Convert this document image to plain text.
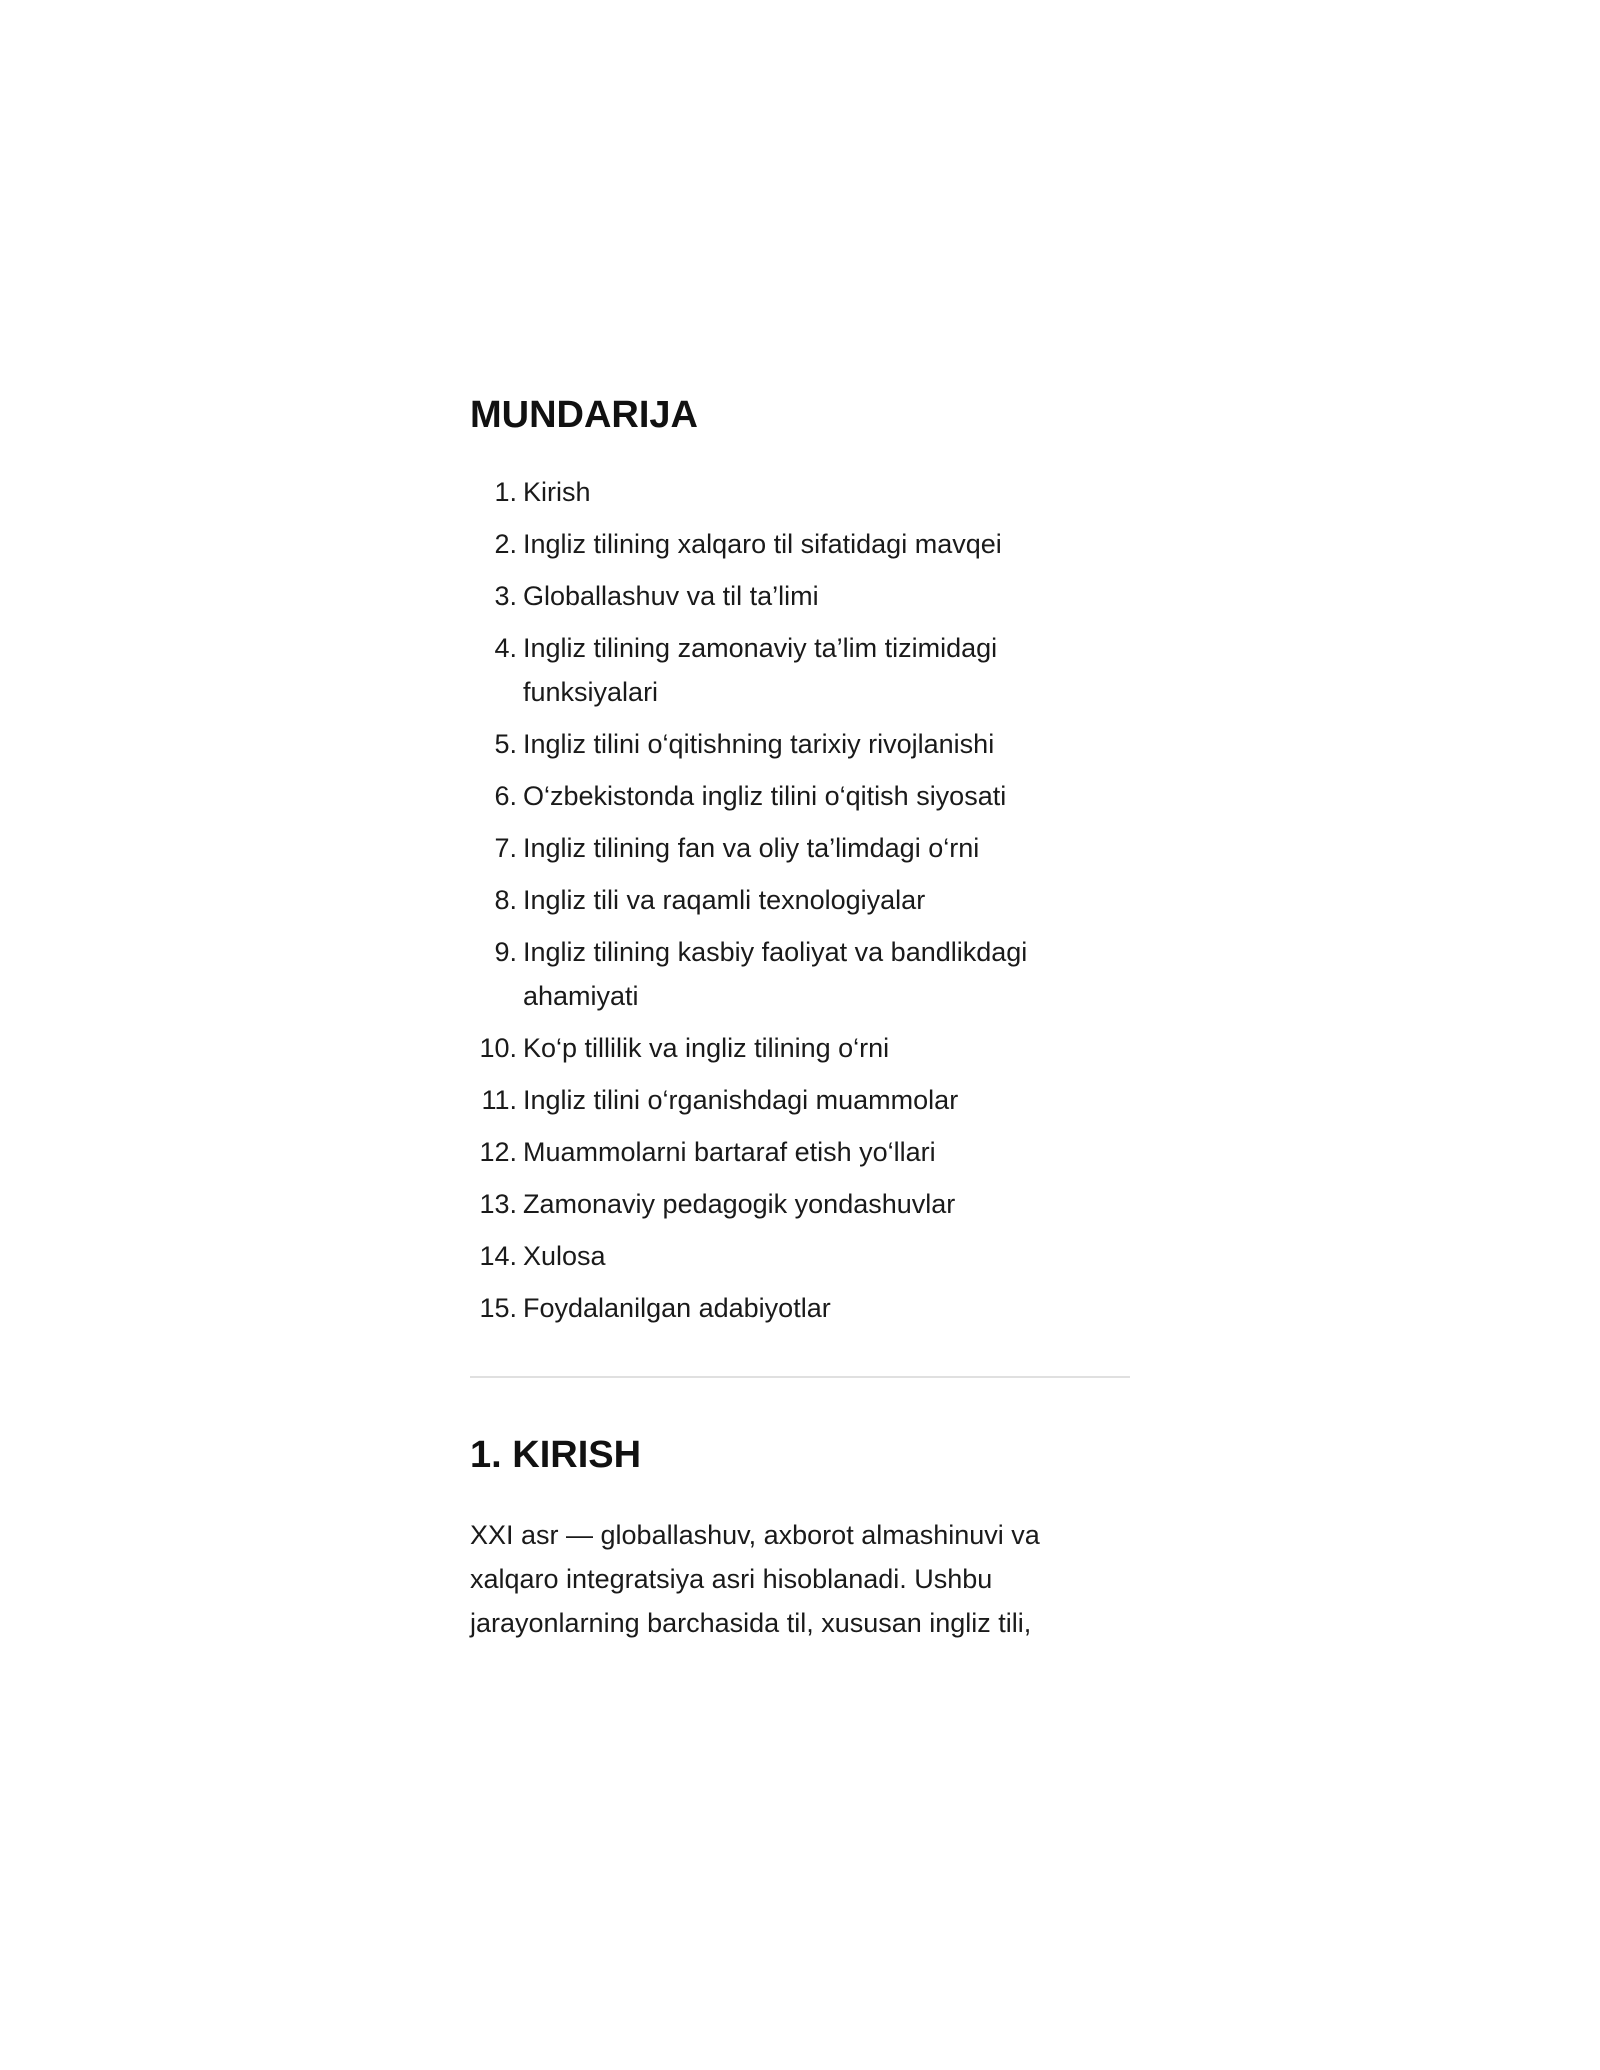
MUNDARIJA
1. Kirish
2. Ingliz tilining xalqaro til sifatidagi mavqei
3. Globallashuv va til ta’limi
4. Ingliz tilining zamonaviy ta’lim tizimidagi funksiyalari
5. Ingliz tilini o‘qitishning tarixiy rivojlanishi
6. O‘zbekistonda ingliz tilini o‘qitish siyosati
7. Ingliz tilining fan va oliy ta’limdagi o‘rni
8. Ingliz tili va raqamli texnologiyalar
9. Ingliz tilining kasbiy faoliyat va bandlikdagi ahamiyati
10. Ko‘p tillilik va ingliz tilining o‘rni
11. Ingliz tilini o‘rganishdagi muammolar
12. Muammolarni bartaraf etish yo‘llari
13. Zamonaviy pedagogik yondashuvlar
14. Xulosa
15. Foydalanilgan adabiyotlar
1. KIRISH

XXI asr — globallashuv, axborot almashinuvi va xalqaro integratsiya asri hisoblanadi. Ushbu jarayonlarning barchasida til, xususan ingliz tili,
